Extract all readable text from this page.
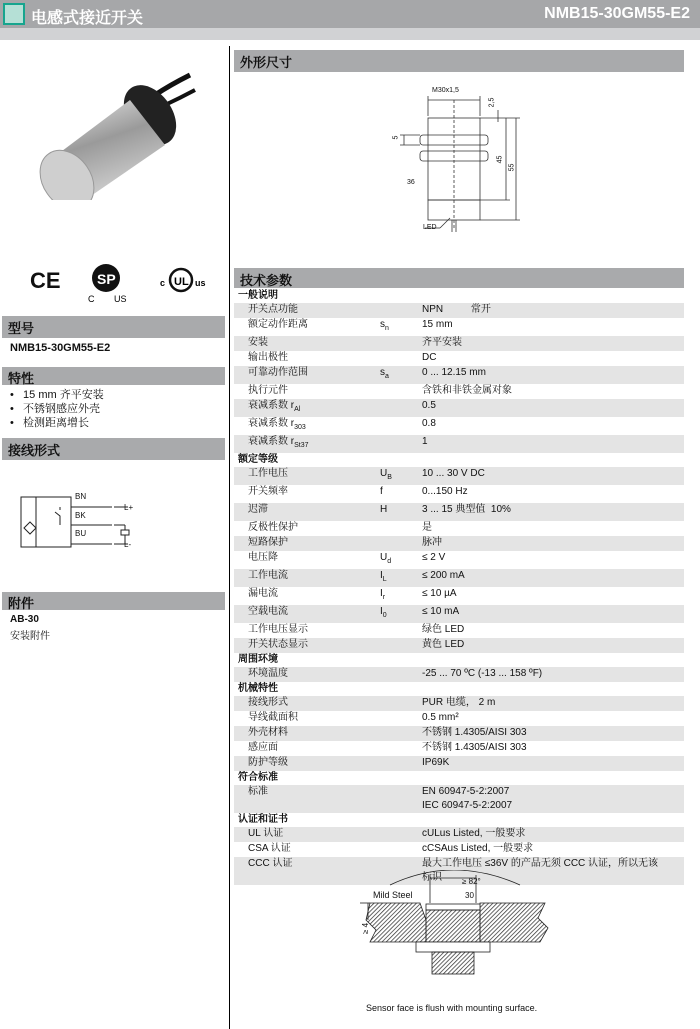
电感式接近开关	NMB15-30GM55-E2
CE	SP
C US
c UL us
型号
NMB15-30GM55-E2
特性
•   15 mm 齐平安装
•   不锈钢感应外壳
•   检测距离增长
接线形式
BN
BK
BU
L+
L-
附件
AB-30
安装附件
外形尺寸
M30x1,5
2,5
5
45
55
36
LED
技术参数
一般说明
开关点功能	NPN          常开
额定动作距离	$s_n$	15 mm
安装	齐平安装
输出极性	DC
可靠动作范围	$s_a$	0 ... 12.15 mm
执行元件	含铁和非铁金属对象
衰减系数 $r_{Al}$	0.5
衰减系数 $r_{303}$	0.8
衰减系数 $r_{St37}$	1
额定等级
工作电压	$U_B$	10 ... 30 V DC
开关频率	f	0...150 Hz
迟滞	H	3 ... 15 典型值  10%
反极性保护	是
短路保护	脉冲
电压降	$U_d$	≤ 2 V
工作电流	$I_L$	≤ 200 mA
漏电流	$I_r$	≤ 10 µA
空载电流	$I_0$	≤ 10 mA
工作电压显示	绿色 LED
开关状态显示	黄色 LED
周围环境
环境温度	-25 ... 70 ºC (-13 ... 158 ºF)
机械特性
接线形式	PUR 电缆， 2 m
导线截面积	0.5 mm²
外壳材料	不锈钢 1.4305/AISI 303
感应面	不锈钢 1.4305/AISI 303
防护等级	IP69K
符合标准
标准	EN 60947-5-2:2007
IEC 60947-5-2:2007
认证和证书
UL 认证	cULus Listed, 一般要求
CSA 认证	cCSAus Listed, 一般要求
CCC 认证	最大工作电压 ≤36V 的产品无须 CCC 认证，所以无该
标识
Mild Steel
≥ 82°
30
≥ 4
Sensor face is flush with mounting surface.
